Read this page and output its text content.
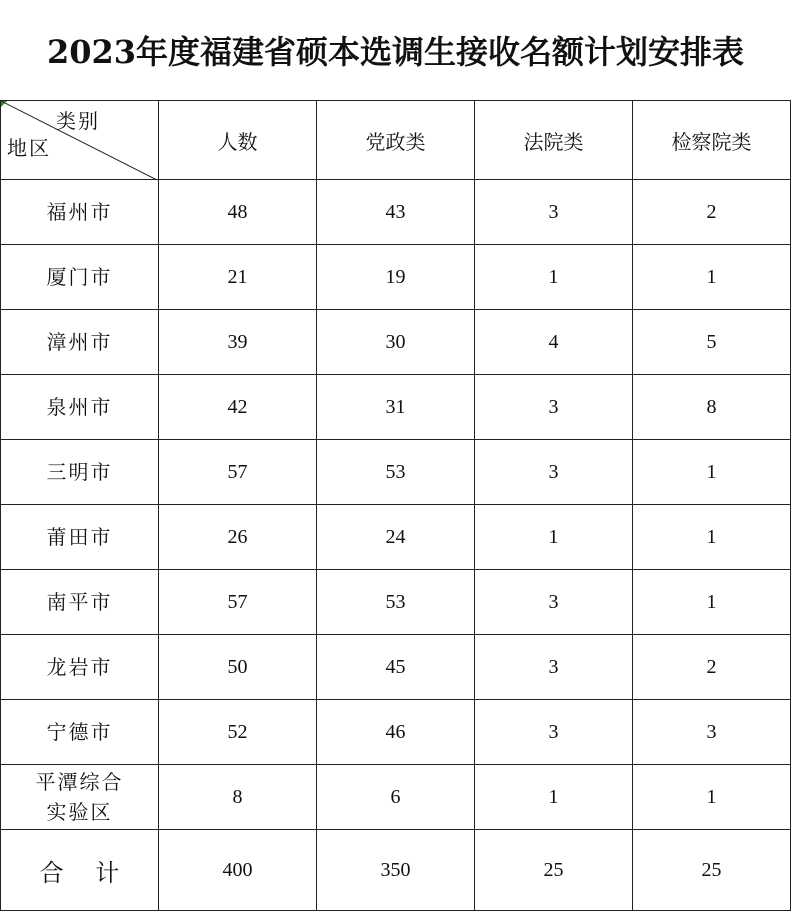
2023年度福建省硕本选调生接收名额计划安排表
类别
地区	人数	党政类	法院类	检察院类
福州市	48	43	3	2
厦门市	21	19	1	1
漳州市	39	30	4	5
泉州市	42	31	3	8
三明市	57	53	3	1
莆田市	26	24	1	1
南平市	57	53	3	1
龙岩市	50	45	3	2
宁德市	52	46	3	3

平潭综合
实验区	8	6	1	1
合 计	400	350	25	25
